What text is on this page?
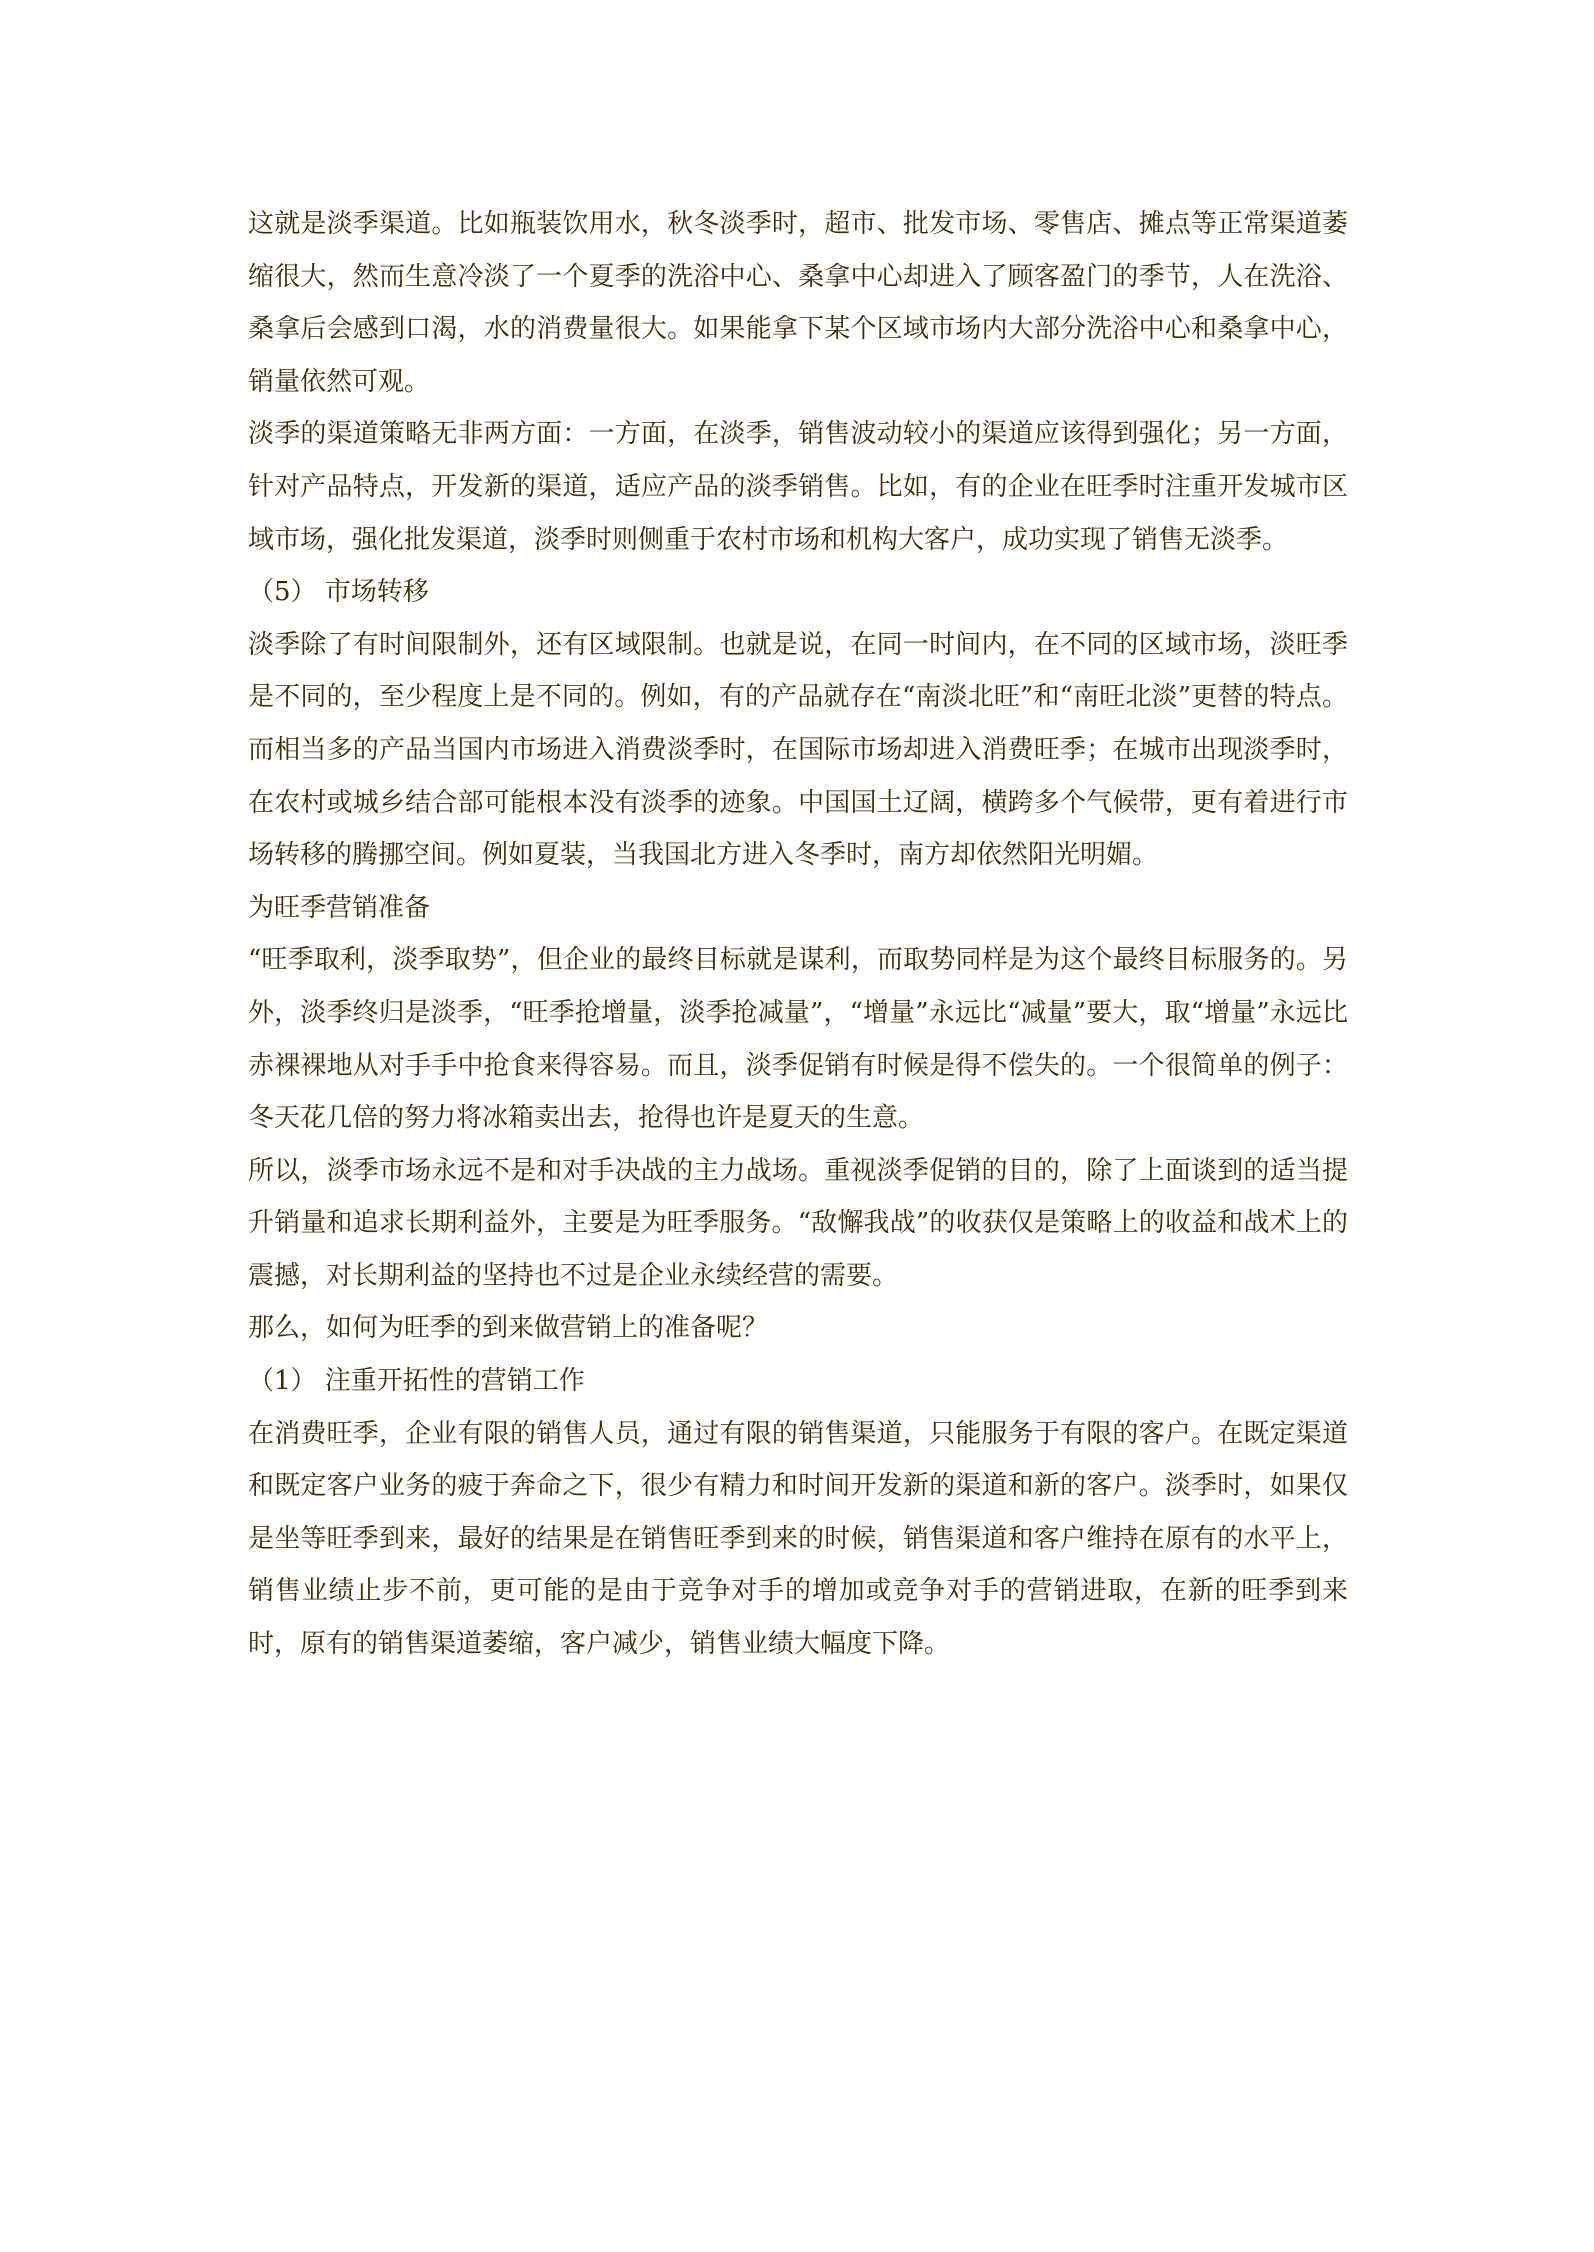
这就是淡季渠道。比如瓶装饮用水，秋冬淡季时，超市、批发市场、零售店、摊点等正常渠道萎缩很大，然而生意冷淡了一个夏季的洗浴中心、桑拿中心却进入了顾客盈门的季节，人在洗浴、桑拿后会感到口渴，水的消费量很大。如果能拿下某个区域市场内大部分洗浴中心和桑拿中心，销量依然可观。

淡季的渠道策略无非两方面：一方面，在淡季，销售波动较小的渠道应该得到强化；另一方面，针对产品特点，开发新的渠道，适应产品的淡季销售。比如，有的企业在旺季时注重开发城市区域市场，强化批发渠道，淡季时则侧重于农村市场和机构大客户，成功实现了销售无淡季。

（5） 市场转移

淡季除了有时间限制外，还有区域限制。也就是说，在同一时间内，在不同的区域市场，淡旺季是不同的，至少程度上是不同的。例如，有的产品就存在“南淡北旺”和“南旺北淡”更替的特点。而相当多的产品当国内市场进入消费淡季时，在国际市场却进入消费旺季；在城市出现淡季时，在农村或城乡结合部可能根本没有淡季的迹象。中国国土辽阔，横跨多个气候带，更有着进行市场转移的腾挪空间。例如夏装，当我国北方进入冬季时，南方却依然阳光明媚。

为旺季营销准备

“旺季取利，淡季取势”，但企业的最终目标就是谋利，而取势同样是为这个最终目标服务的。另外，淡季终归是淡季，“旺季抢增量，淡季抢减量”，“增量”永远比“减量”要大，取“增量”永远比赤裸裸地从对手手中抢食来得容易。而且，淡季促销有时候是得不偿失的。一个很简单的例子：冬天花几倍的努力将冰箱卖出去，抢得也许是夏天的生意。

所以，淡季市场永远不是和对手决战的主力战场。重视淡季促销的目的，除了上面谈到的适当提升销量和追求长期利益外，主要是为旺季服务。“敌懈我战”的收获仅是策略上的收益和战术上的震撼，对长期利益的坚持也不过是企业永续经营的需要。

那么，如何为旺季的到来做营销上的准备呢？

（1） 注重开拓性的营销工作

在消费旺季，企业有限的销售人员，通过有限的销售渠道，只能服务于有限的客户。在既定渠道和既定客户业务的疲于奔命之下，很少有精力和时间开发新的渠道和新的客户。淡季时，如果仅是坐等旺季到来，最好的结果是在销售旺季到来的时候，销售渠道和客户维持在原有的水平上，销售业绩止步不前，更可能的是由于竞争对手的增加或竞争对手的营销进取，在新的旺季到来时，原有的销售渠道萎缩，客户减少，销售业绩大幅度下降。
